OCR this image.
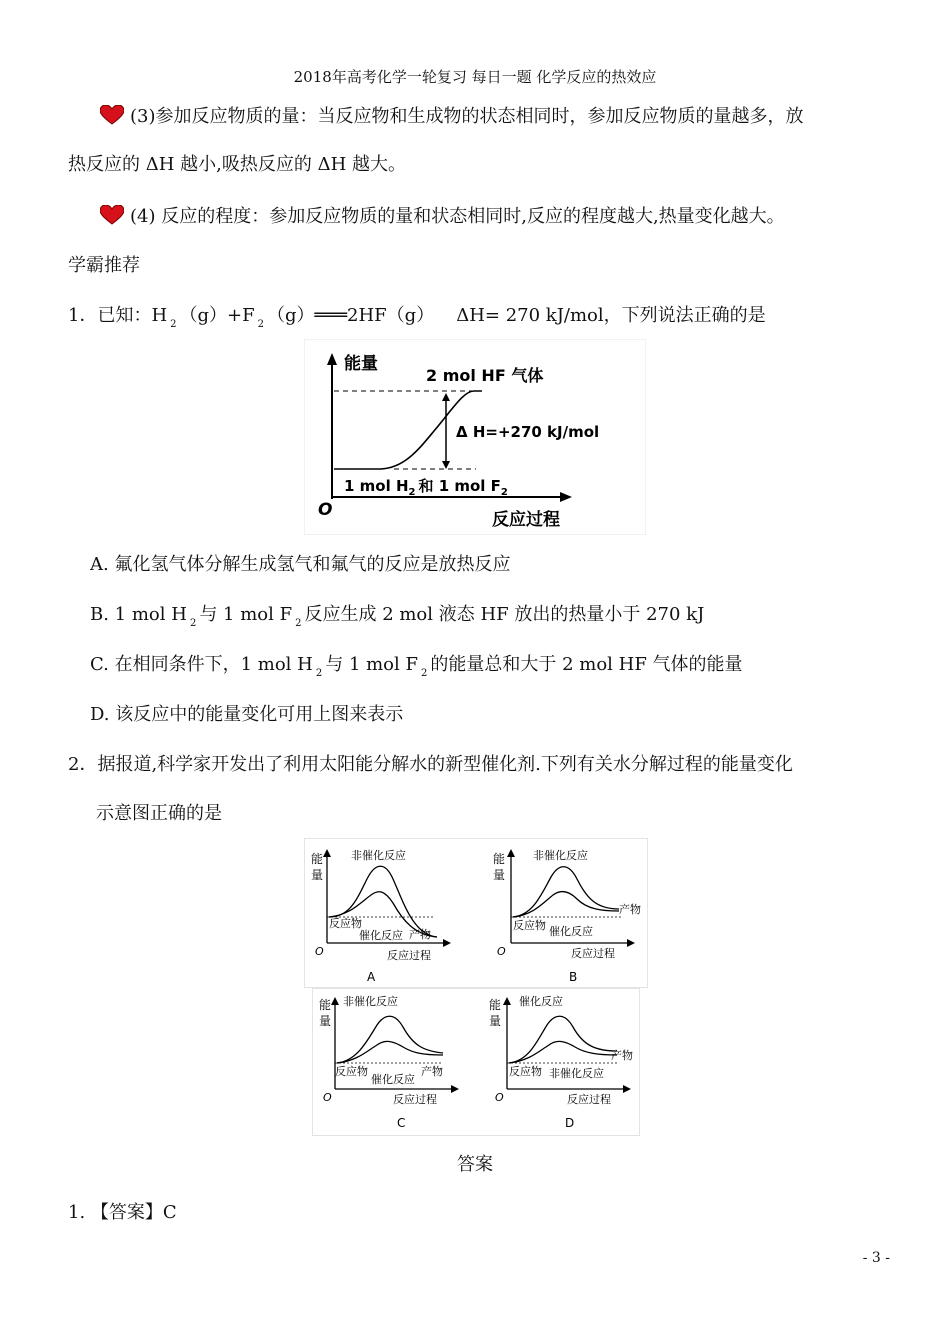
2018年高考化学一轮复习 每日一题 化学反应的热效应
(3)参加反应物质的量：当反应物和生成物的状态相同时，参加反应物质的量越多，放
热反应的 ΔH 越小,吸热反应的 ΔH 越大。
(4) 反应的程度：参加反应物质的量和状态相同时,反应的程度越大,热量变化越大。
学霸推荐
1．已知：H $_2$ （g）+F $_2$ （g）═══2HF（g） ΔH= 270 kJ/mol，下列说法正确的是
能量
2 mol HF 气体
Δ H=+270 kJ/mol
1 mol $H_2$ 和 1 mol $F_2$
O	反应过程
A. 氟化氢气体分解生成氢气和氟气的反应是放热反应
B. 1 mol H $_2$ 与 1 mol F $_2$ 反应生成 2 mol 液态 HF 放出的热量小于 270 kJ
C. 在相同条件下，1 mol H $_2$ 与 1 mol F $_2$ 的能量总和大于 2 mol HF 气体的能量
D. 该反应中的能量变化可用上图来表示
2．据报道,科学家开发出了利用太阳能分解水的新型催化剂.下列有关水分解过程的能量变化
示意图正确的是
能
量
非催化反应
反应物
催化反应 产物
O	反应过程
A
能
量
非催化反应
反应物 催化反应
产物
O	反应过程
B
能
量
非催化反应
反应物
催化反应
产物
O	反应过程
C
能
量
催化反应
反应物 非催化反应
产物
O	反应过程
D
答案
1. 【答案】C
- 3 -
